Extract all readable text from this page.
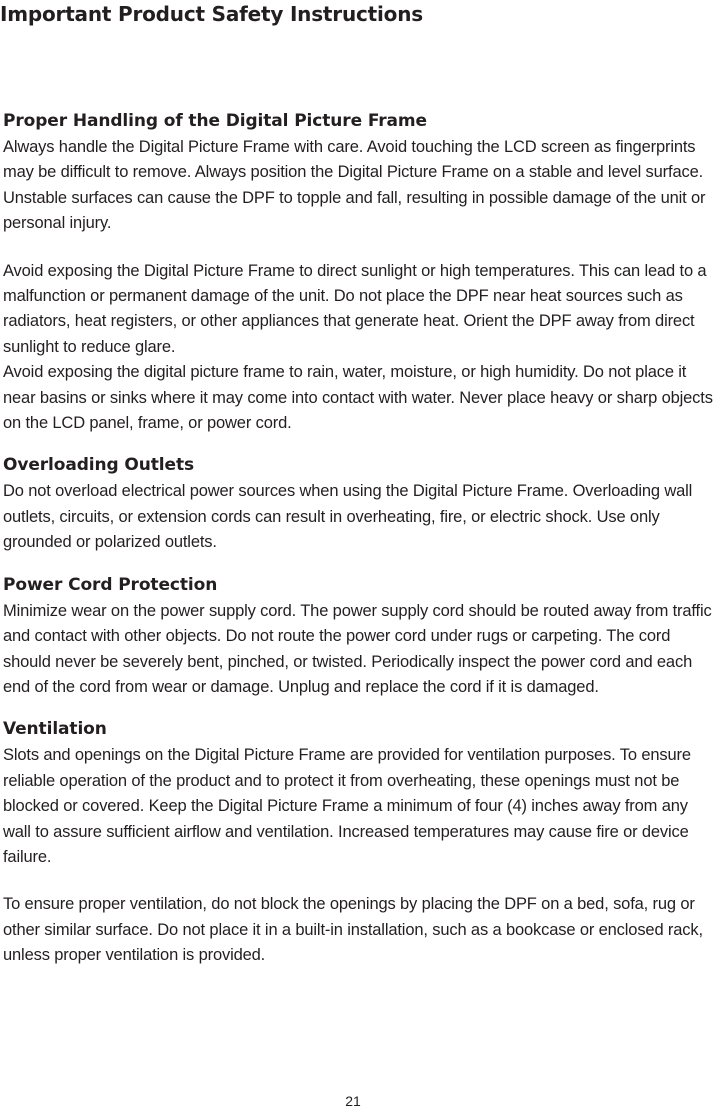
Important Product Safety Instructions
Proper Handling of the Digital Picture Frame

Always handle the Digital Picture Frame with care. Avoid touching the LCD screen as fingerprints may be difficult to remove. Always position the Digital Picture Frame on a stable and level surface. Unstable surfaces can cause the DPF to topple and fall, resulting in possible damage of the unit or personal injury.

Avoid exposing the Digital Picture Frame to direct sunlight or high temperatures. This can lead to a malfunction or permanent damage of the unit. Do not place the DPF near heat sources such as radiators, heat registers, or other appliances that generate heat. Orient the DPF away from direct sunlight to reduce glare.

Avoid exposing the digital picture frame to rain, water, moisture, or high humidity. Do not place it near basins or sinks where it may come into contact with water. Never place heavy or sharp objects on the LCD panel, frame, or power cord.

Overloading Outlets

Do not overload electrical power sources when using the Digital Picture Frame. Overloading wall outlets, circuits, or extension cords can result in overheating, fire, or electric shock. Use only grounded or polarized outlets.

Power Cord Protection

Minimize wear on the power supply cord. The power supply cord should be routed away from traffic and contact with other objects. Do not route the power cord under rugs or carpeting. The cord should never be severely bent, pinched, or twisted. Periodically inspect the power cord and each end of the cord from wear or damage. Unplug and replace the cord if it is damaged.

Ventilation

Slots and openings on the Digital Picture Frame are provided for ventilation purposes. To ensure reliable operation of the product and to protect it from overheating, these openings must not be blocked or covered. Keep the Digital Picture Frame a minimum of four (4) inches away from any wall to assure sufficient airflow and ventilation. Increased temperatures may cause fire or device failure.

To ensure proper ventilation, do not block the openings by placing the DPF on a bed, sofa, rug or other similar surface. Do not place it in a built-in installation, such as a bookcase or enclosed rack, unless proper ventilation is provided.

21
